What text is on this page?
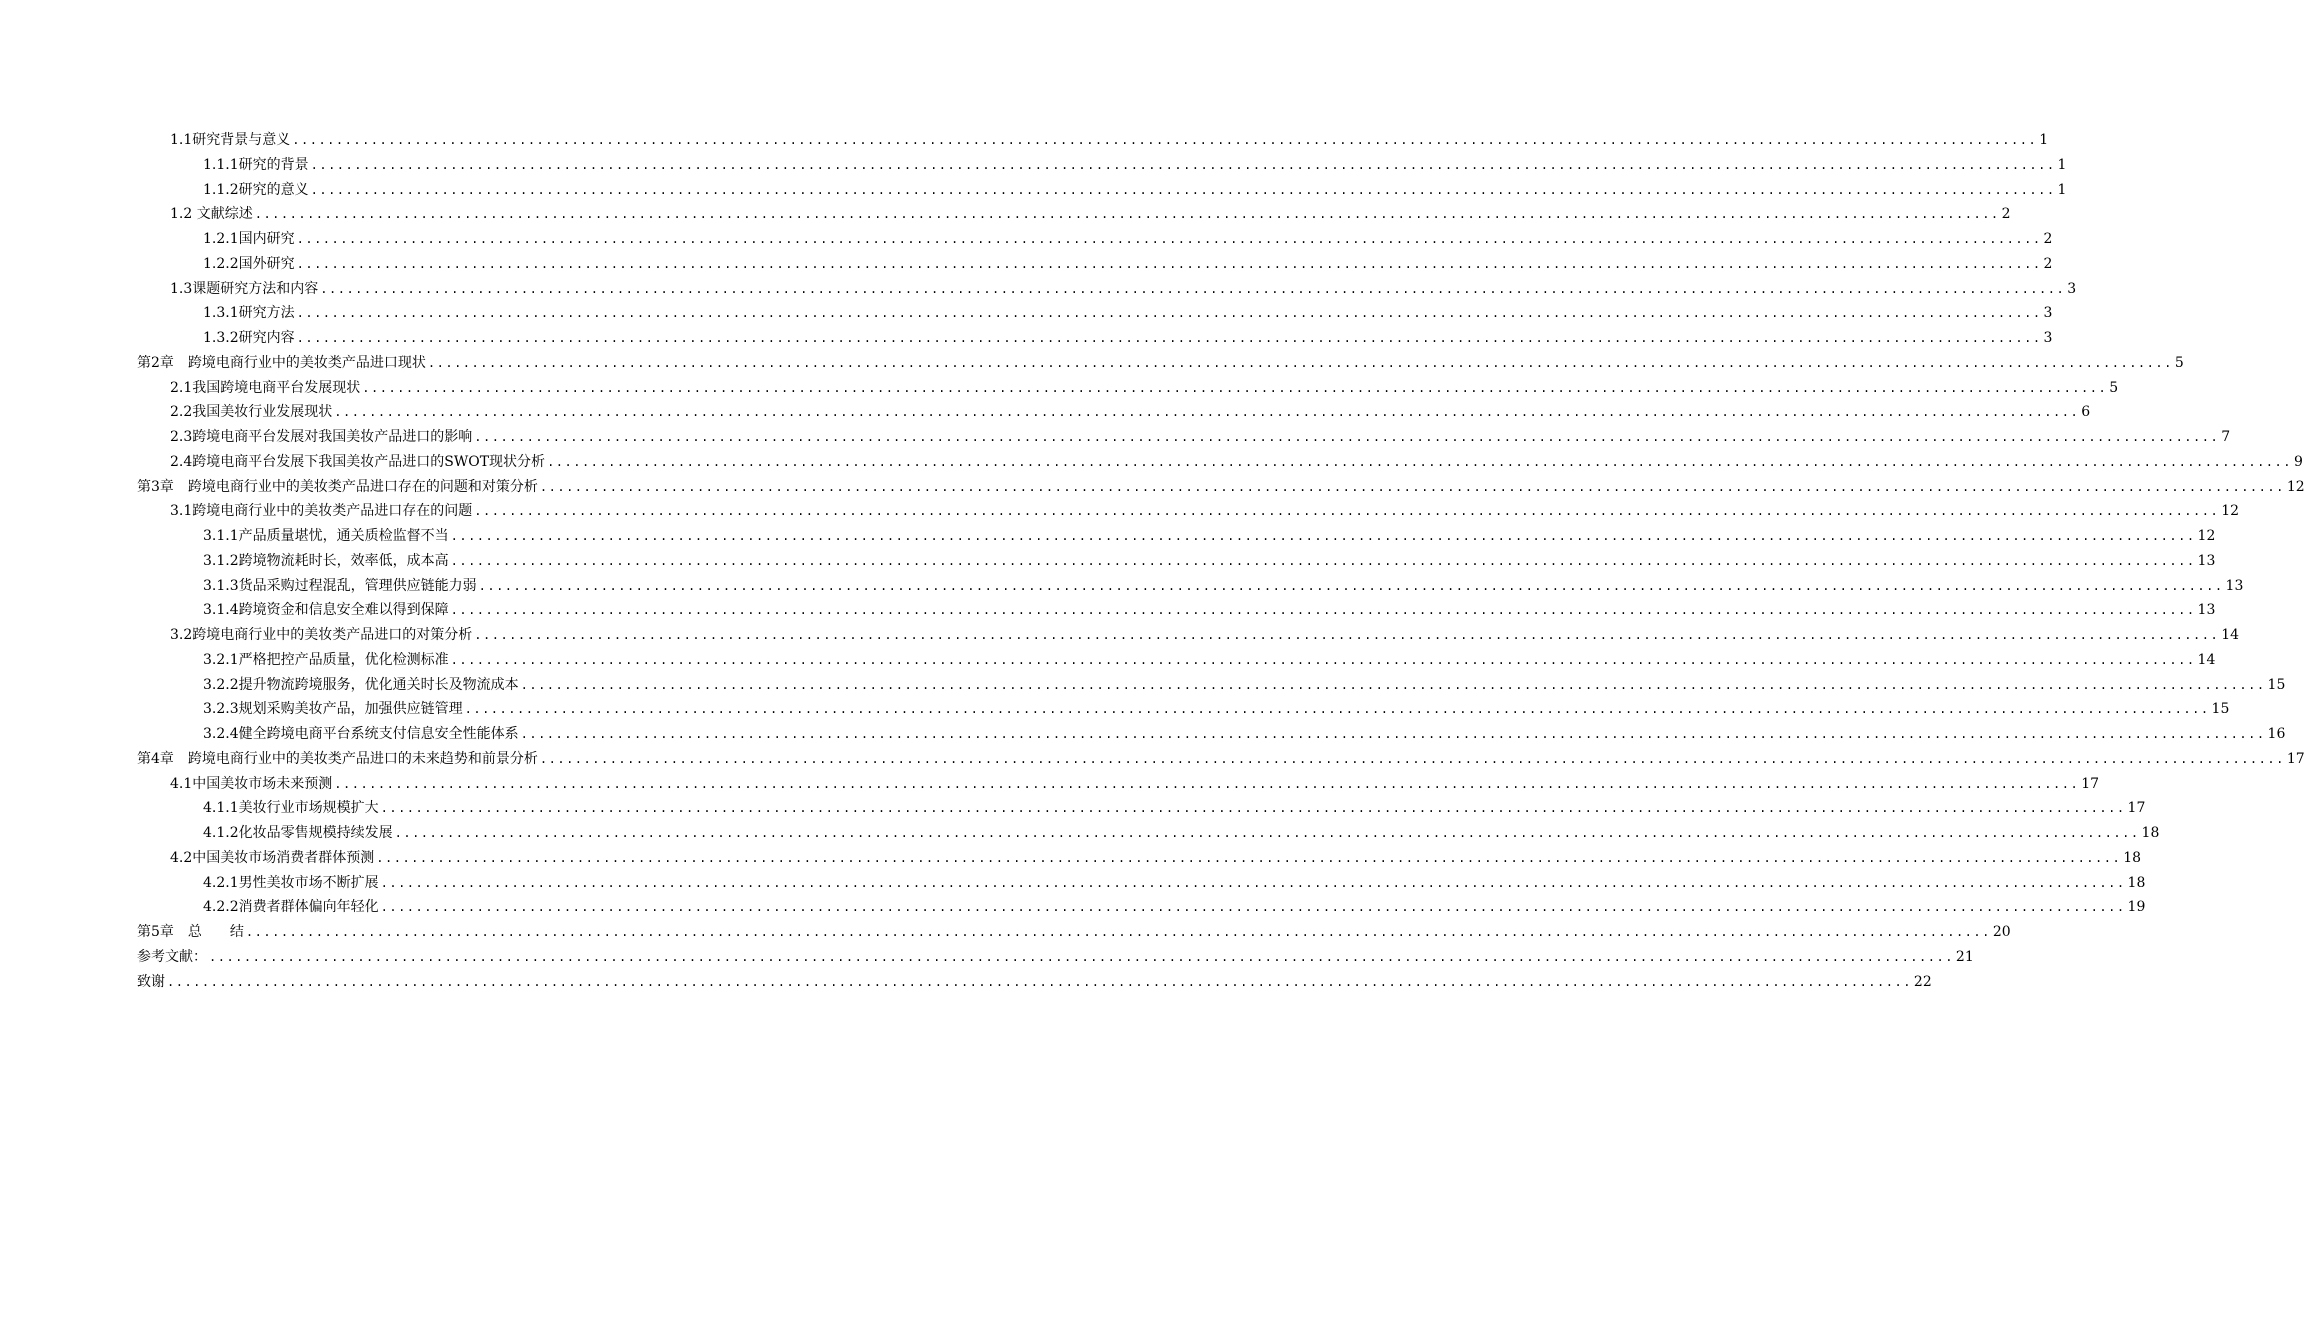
1.1研究背景与意义 ........................................................................................................................................................................................................ 1
1.1.1研究的背景 ........................................................................................................................................................................................................ 1
1.1.2研究的意义 ........................................................................................................................................................................................................ 1
1.2 文献综述 ........................................................................................................................................................................................................ 2
1.2.1国内研究 ........................................................................................................................................................................................................ 2
1.2.2国外研究 ........................................................................................................................................................................................................ 2
1.3课题研究方法和内容 ........................................................................................................................................................................................................ 3
1.3.1研究方法 ........................................................................................................................................................................................................ 3
1.3.2研究内容 ........................................................................................................................................................................................................ 3
第2章　跨境电商行业中的美妆类产品进口现状 ........................................................................................................................................................................................................ 5
2.1我国跨境电商平台发展现状 ........................................................................................................................................................................................................ 5
2.2我国美妆行业发展现状 ........................................................................................................................................................................................................ 6
2.3跨境电商平台发展对我国美妆产品进口的影响 ........................................................................................................................................................................................................ 7
2.4跨境电商平台发展下我国美妆产品进口的SWOT现状分析 ........................................................................................................................................................................................................ 9
第3章　跨境电商行业中的美妆类产品进口存在的问题和对策分析 ........................................................................................................................................................................................................ 12
3.1跨境电商行业中的美妆类产品进口存在的问题 ........................................................................................................................................................................................................ 12
3.1.1产品质量堪忧，通关质检监督不当 ........................................................................................................................................................................................................ 12
3.1.2跨境物流耗时长，效率低，成本高 ........................................................................................................................................................................................................ 13
3.1.3货品采购过程混乱，管理供应链能力弱 ........................................................................................................................................................................................................ 13
3.1.4跨境资金和信息安全难以得到保障 ........................................................................................................................................................................................................ 13
3.2跨境电商行业中的美妆类产品进口的对策分析 ........................................................................................................................................................................................................ 14
3.2.1严格把控产品质量，优化检测标准 ........................................................................................................................................................................................................ 14
3.2.2提升物流跨境服务，优化通关时长及物流成本 ........................................................................................................................................................................................................ 15
3.2.3规划采购美妆产品，加强供应链管理 ........................................................................................................................................................................................................ 15
3.2.4健全跨境电商平台系统支付信息安全性能体系 ........................................................................................................................................................................................................ 16
第4章　跨境电商行业中的美妆类产品进口的未来趋势和前景分析 ........................................................................................................................................................................................................ 17
4.1中国美妆市场未来预测 ........................................................................................................................................................................................................ 17
4.1.1美妆行业市场规模扩大 ........................................................................................................................................................................................................ 17
4.1.2化妆品零售规模持续发展 ........................................................................................................................................................................................................ 18
4.2中国美妆市场消费者群体预测 ........................................................................................................................................................................................................ 18
4.2.1男性美妆市场不断扩展 ........................................................................................................................................................................................................ 18
4.2.2消费者群体偏向年轻化 ........................................................................................................................................................................................................ 19
第5章　总　　结 ........................................................................................................................................................................................................ 20
参考文献： ........................................................................................................................................................................................................ 21
致谢 ........................................................................................................................................................................................................ 22
